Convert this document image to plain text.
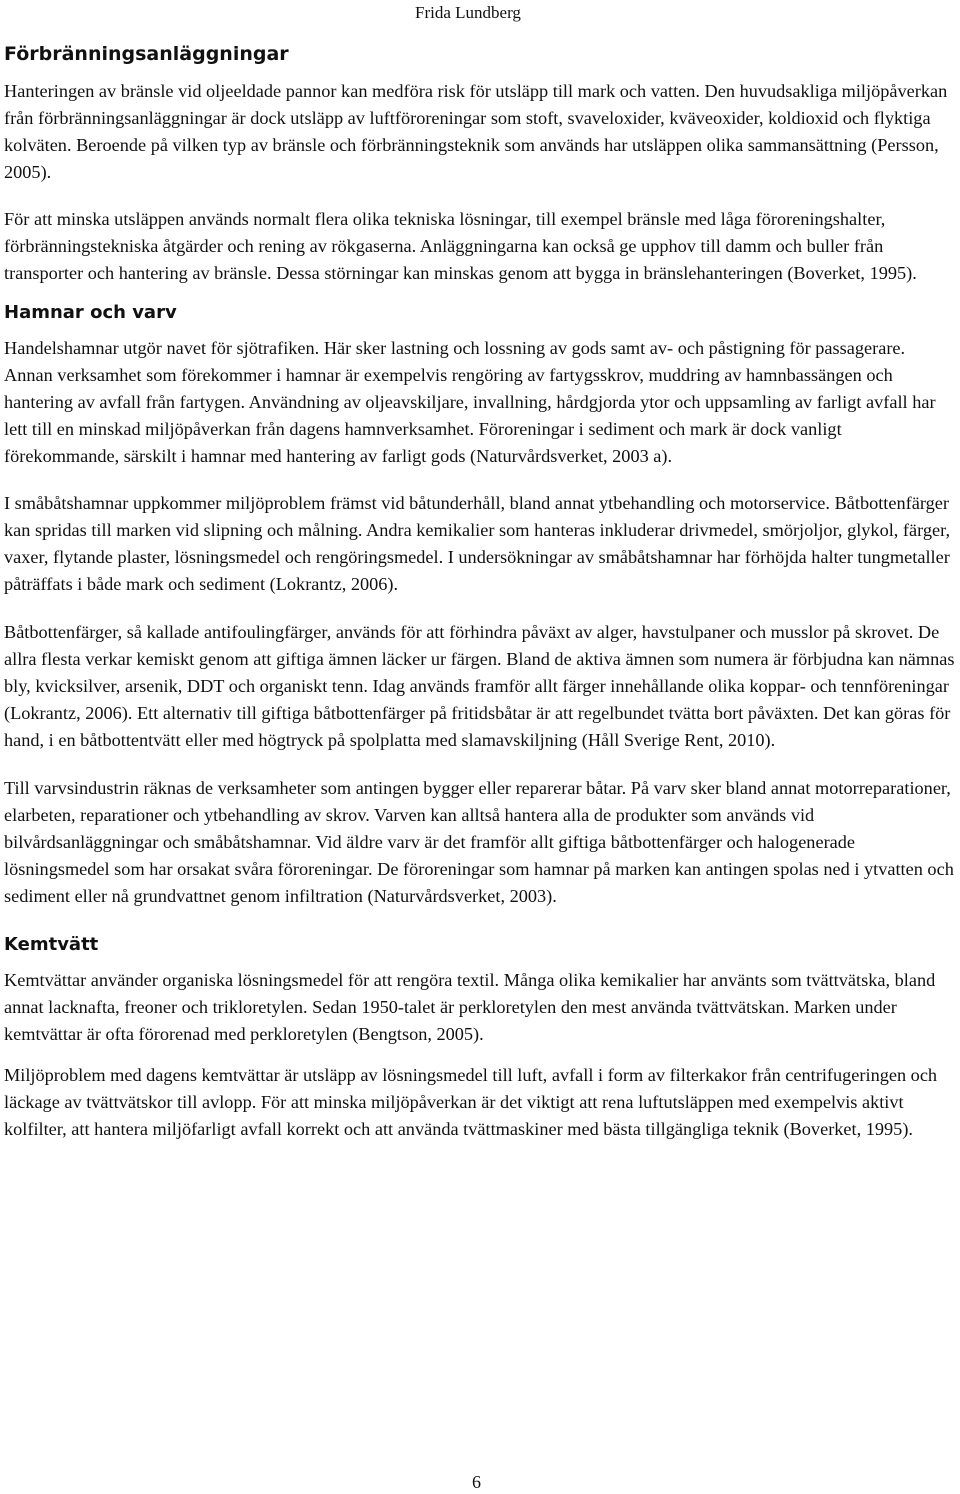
Frida Lundberg
Förbränningsanläggningar

Hanteringen av bränsle vid oljeeldade pannor kan medföra risk för utsläpp till mark och vatten. Den huvudsakliga miljöpåverkan från förbränningsanläggningar är dock utsläpp av luftföroreningar som stoft, svaveloxider, kväveoxider, koldioxid och flyktiga kolväten. Beroende på vilken typ av bränsle och förbränningsteknik som används har utsläppen olika sammansättning (Persson, 2005).

För att minska utsläppen används normalt flera olika tekniska lösningar, till exempel bränsle med låga föroreningshalter, förbränningstekniska åtgärder och rening av rökgaserna. Anläggningarna kan också ge upphov till damm och buller från transporter och hantering av bränsle. Dessa störningar kan minskas genom att bygga in bränslehanteringen (Boverket, 1995).

Hamnar och varv

Handelshamnar utgör navet för sjötrafiken. Här sker lastning och lossning av gods samt av- och påstigning för passagerare. Annan verksamhet som förekommer i hamnar är exempelvis rengöring av fartygsskrov, muddring av hamnbassängen och hantering av avfall från fartygen. Användning av oljeavskiljare, invallning, hårdgjorda ytor och uppsamling av farligt avfall har lett till en minskad miljöpåverkan från dagens hamnverksamhet. Föroreningar i sediment och mark är dock vanligt förekommande, särskilt i hamnar med hantering av farligt gods (Naturvårdsverket, 2003 a).

I småbåtshamnar uppkommer miljöproblem främst vid båtunderhåll, bland annat ytbehandling och motorservice. Båtbottenfärger kan spridas till marken vid slipning och målning. Andra kemikalier som hanteras inkluderar drivmedel, smörjoljor, glykol, färger, vaxer, flytande plaster, lösningsmedel och rengöringsmedel. I undersökningar av småbåtshamnar har förhöjda halter tungmetaller påträffats i både mark och sediment (Lokrantz, 2006).

Båtbottenfärger, så kallade antifoulingfärger, används för att förhindra påväxt av alger, havstulpaner och musslor på skrovet. De allra flesta verkar kemiskt genom att giftiga ämnen läcker ur färgen. Bland de aktiva ämnen som numera är förbjudna kan nämnas bly, kvicksilver, arsenik, DDT och organiskt tenn. Idag används framför allt färger innehållande olika koppar- och tennföreningar (Lokrantz, 2006). Ett alternativ till giftiga båtbottenfärger på fritidsbåtar är att regelbundet tvätta bort påväxten. Det kan göras för hand, i en båtbottentvätt eller med högtryck på spolplatta med slamavskiljning (Håll Sverige Rent, 2010).

Till varvsindustrin räknas de verksamheter som antingen bygger eller reparerar båtar. På varv sker bland annat motorreparationer, elarbeten, reparationer och ytbehandling av skrov. Varven kan alltså hantera alla de produkter som används vid bilvårdsanläggningar och småbåtshamnar. Vid äldre varv är det framför allt giftiga båtbottenfärger och halogenerade lösningsmedel som har orsakat svåra föroreningar. De föroreningar som hamnar på marken kan antingen spolas ned i ytvatten och sediment eller nå grundvattnet genom infiltration (Naturvårdsverket, 2003).

Kemtvätt

Kemtvättar använder organiska lösningsmedel för att rengöra textil. Många olika kemikalier har använts som tvättvätska, bland annat lacknafta, freoner och trikloretylen. Sedan 1950-talet är perkloretylen den mest använda tvättvätskan. Marken under kemtvättar är ofta förorenad med perkloretylen (Bengtson, 2005).

Miljöproblem med dagens kemtvättar är utsläpp av lösningsmedel till luft, avfall i form av filterkakor från centrifugeringen och läckage av tvättvätskor till avlopp. För att minska miljöpåverkan är det viktigt att rena luftutsläppen med exempelvis aktivt kolfilter, att hantera miljöfarligt avfall korrekt och att använda tvättmaskiner med bästa tillgängliga teknik (Boverket, 1995).

6
